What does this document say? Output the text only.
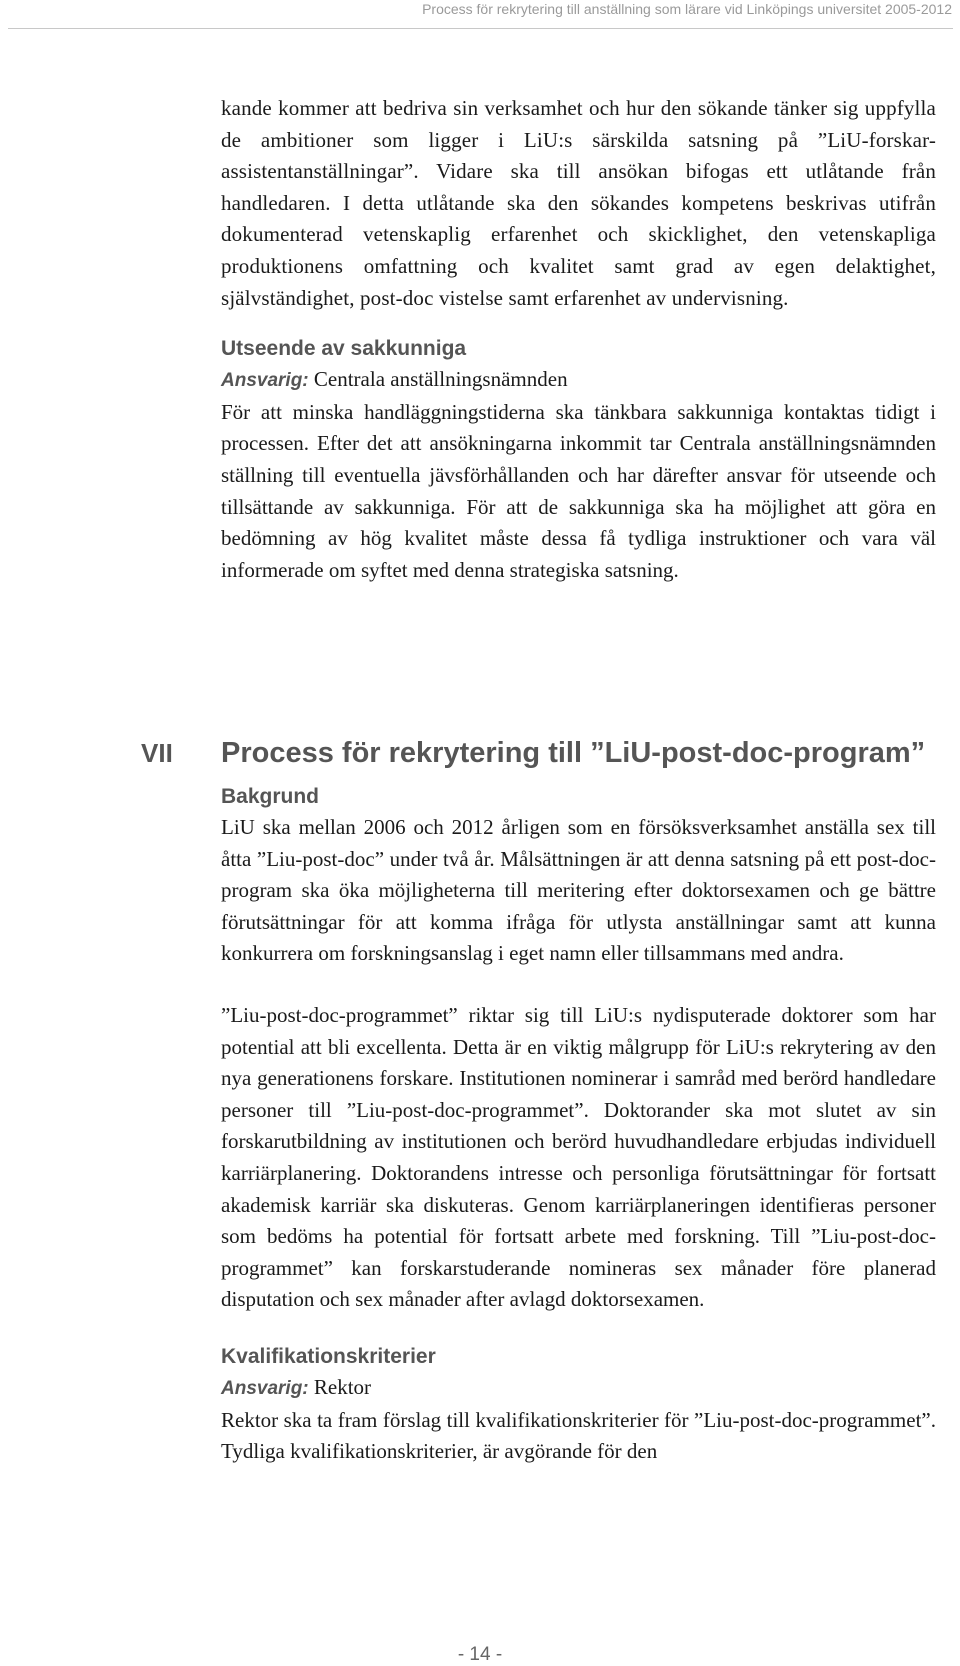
Process för rekrytering till anställning som lärare vid Linköpings universitet 2005-2012

kande kommer att bedriva sin verksamhet och hur den sökande tänker sig uppfylla de ambitioner som ligger i LiU:s särskilda satsning på ”LiU-forskar-assistentanställningar”. Vidare ska till ansökan bifogas ett utlåtande från handledaren. I detta utlåtande ska den sökandes kompetens beskrivas utifrån dokumenterad vetenskaplig erfarenhet och skicklighet, den vetenskapliga produktionens omfattning och kvalitet samt grad av egen delaktighet, självständighet, post-doc vistelse samt erfarenhet av undervisning.

Utseende av sakkunniga

Ansvarig: Centrala anställningsnämnden

För att minska handläggningstiderna ska tänkbara sakkunniga kontaktas tidigt i processen. Efter det att ansökningarna inkommit tar Centrala anställningsnämnden ställning till eventuella jävsförhållanden och har därefter ansvar för utseende och tillsättande av sakkunniga. För att de sakkunniga ska ha möjlighet att göra en bedömning av hög kvalitet måste dessa få tydliga instruktioner och vara väl informerade om syftet med denna strategiska satsning.

VII Process för rekrytering till ”LiU-post-doc-program”

Bakgrund

LiU ska mellan 2006 och 2012 årligen som en försöksverksamhet anställa sex till åtta ”Liu-post-doc” under två år. Målsättningen är att denna satsning på ett post-doc-program ska öka möjligheterna till meritering efter doktorsexamen och ge bättre förutsättningar för att komma ifråga för utlysta anställningar samt att kunna konkurrera om forskningsanslag i eget namn eller tillsammans med andra.

”Liu-post-doc-programmet” riktar sig till LiU:s nydisputerade doktorer som har potential att bli excellenta. Detta är en viktig målgrupp för LiU:s rekrytering av den nya generationens forskare. Institutionen nominerar i samråd med berörd handledare personer till ”Liu-post-doc-programmet”. Doktorander ska mot slutet av sin forskarutbildning av institutionen och berörd huvudhandledare erbjudas individuell karriärplanering. Doktorandens intresse och personliga förutsättningar för fortsatt akademisk karriär ska diskuteras. Genom karriärplaneringen identifieras personer som bedöms ha potential för fortsatt arbete med forskning. Till ”Liu-post-doc-programmet” kan forskarstuderande nomineras sex månader före planerad disputation och sex månader after avlagd doktorsexamen.

Kvalifikationskriterier

Ansvarig: Rektor

Rektor ska ta fram förslag till kvalifikationskriterier för ”Liu-post-doc-programmet”. Tydliga kvalifikationskriterier, är avgörande för den

- 14 -
